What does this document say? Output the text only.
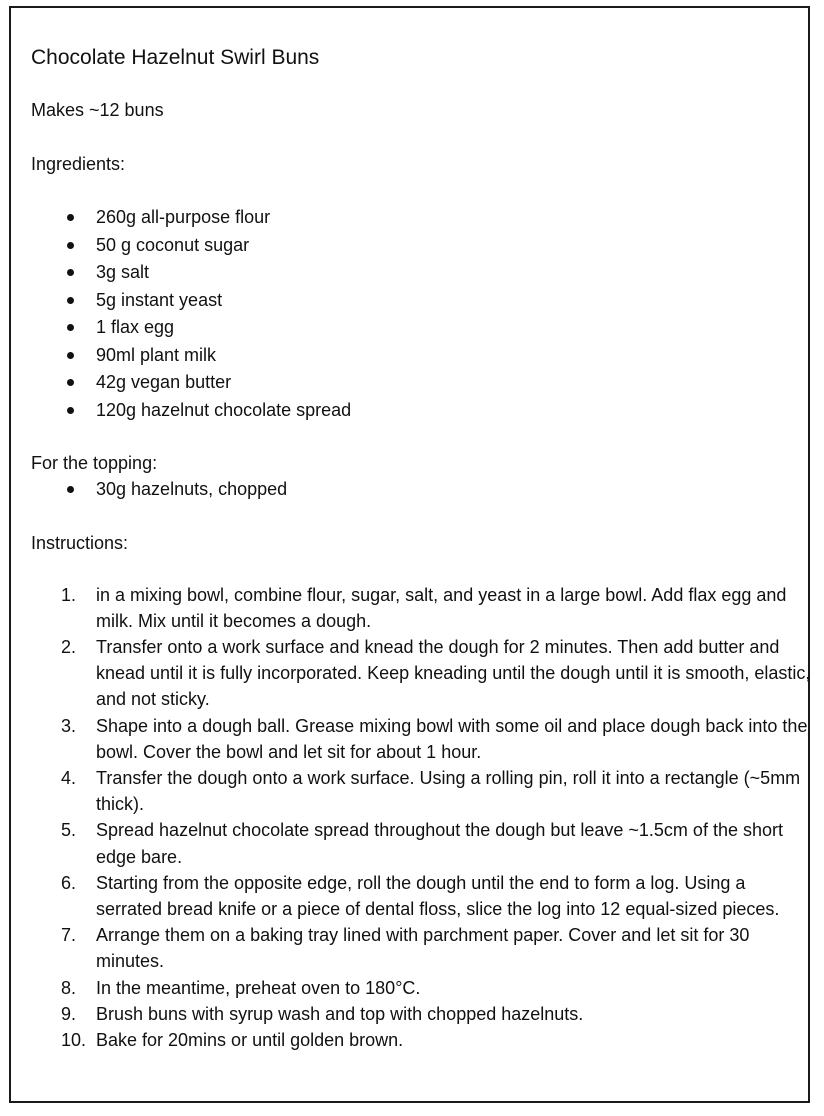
Chocolate Hazelnut Swirl Buns

Makes ~12 buns

Ingredients:

260g all-purpose flour
50 g coconut sugar
3g salt
5g instant yeast
1 flax egg
90ml plant milk
42g vegan butter
120g hazelnut chocolate spread

For the topping:

30g hazelnuts, chopped

Instructions:

1. in a mixing bowl, combine flour, sugar, salt, and yeast in a large bowl. Add flax egg and milk. Mix until it becomes a dough.
2. Transfer onto a work surface and knead the dough for 2 minutes. Then add butter and knead until it is fully incorporated. Keep kneading until the dough until it is smooth, elastic, and not sticky.
3. Shape into a dough ball. Grease mixing bowl with some oil and place dough back into the bowl. Cover the bowl and let sit for about 1 hour.
4. Transfer the dough onto a work surface. Using a rolling pin, roll it into a rectangle (~5mm thick).
5. Spread hazelnut chocolate spread throughout the dough but leave ~1.5cm of the short edge bare.
6. Starting from the opposite edge, roll the dough until the end to form a log. Using a serrated bread knife or a piece of dental floss, slice the log into 12 equal-sized pieces.
7. Arrange them on a baking tray lined with parchment paper. Cover and let sit for 30 minutes.
8. In the meantime, preheat oven to 180°C.
9. Brush buns with syrup wash and top with chopped hazelnuts.
10. Bake for 20mins or until golden brown.
